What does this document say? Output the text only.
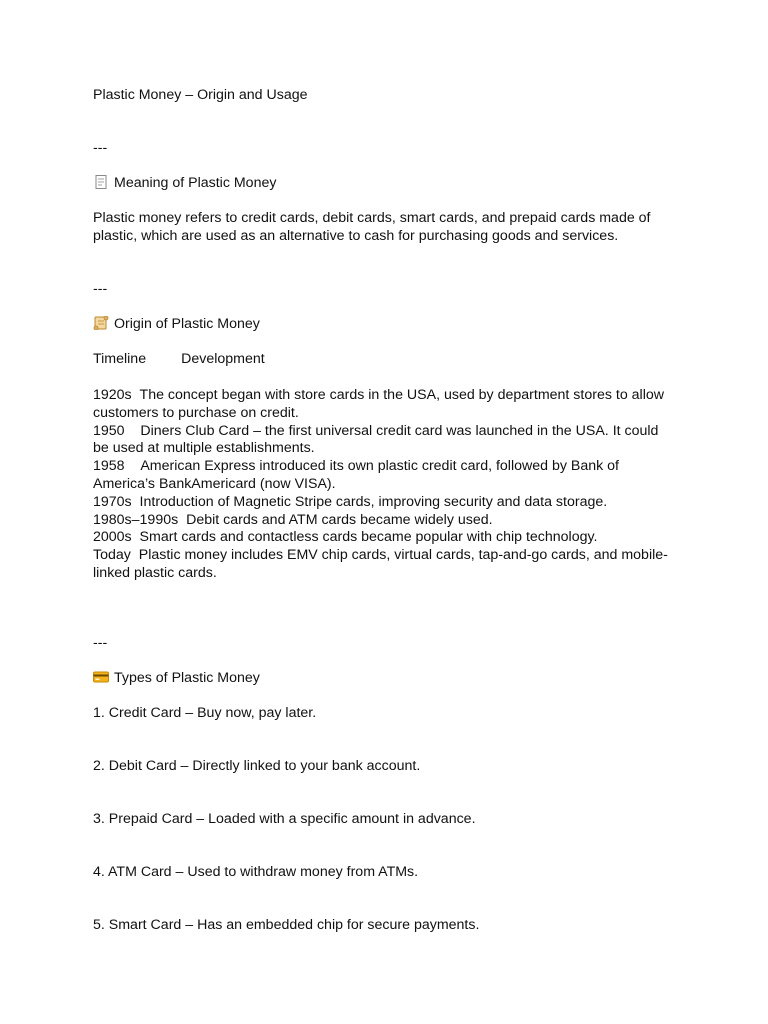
Plastic Money – Origin and Usage
---
Meaning of Plastic Money
Plastic money refers to credit cards, debit cards, smart cards, and prepaid cards made of plastic, which are used as an alternative to cash for purchasing goods and services.
---
Origin of Plastic Money
Timeline Development
1920s The concept began with store cards in the USA, used by department stores to allow customers to purchase on credit.
1950 Diners Club Card – the first universal credit card was launched in the USA. It could be used at multiple establishments.
1958 American Express introduced its own plastic credit card, followed by Bank of America’s BankAmericard (now VISA).
1970s Introduction of Magnetic Stripe cards, improving security and data storage.
1980s–1990s Debit cards and ATM cards became widely used.
2000s Smart cards and contactless cards became popular with chip technology.
Today Plastic money includes EMV chip cards, virtual cards, tap-and-go cards, and mobile-linked plastic cards.
---
Types of Plastic Money
1. Credit Card – Buy now, pay later.
2. Debit Card – Directly linked to your bank account.
3. Prepaid Card – Loaded with a specific amount in advance.
4. ATM Card – Used to withdraw money from ATMs.
5. Smart Card – Has an embedded chip for secure payments.
